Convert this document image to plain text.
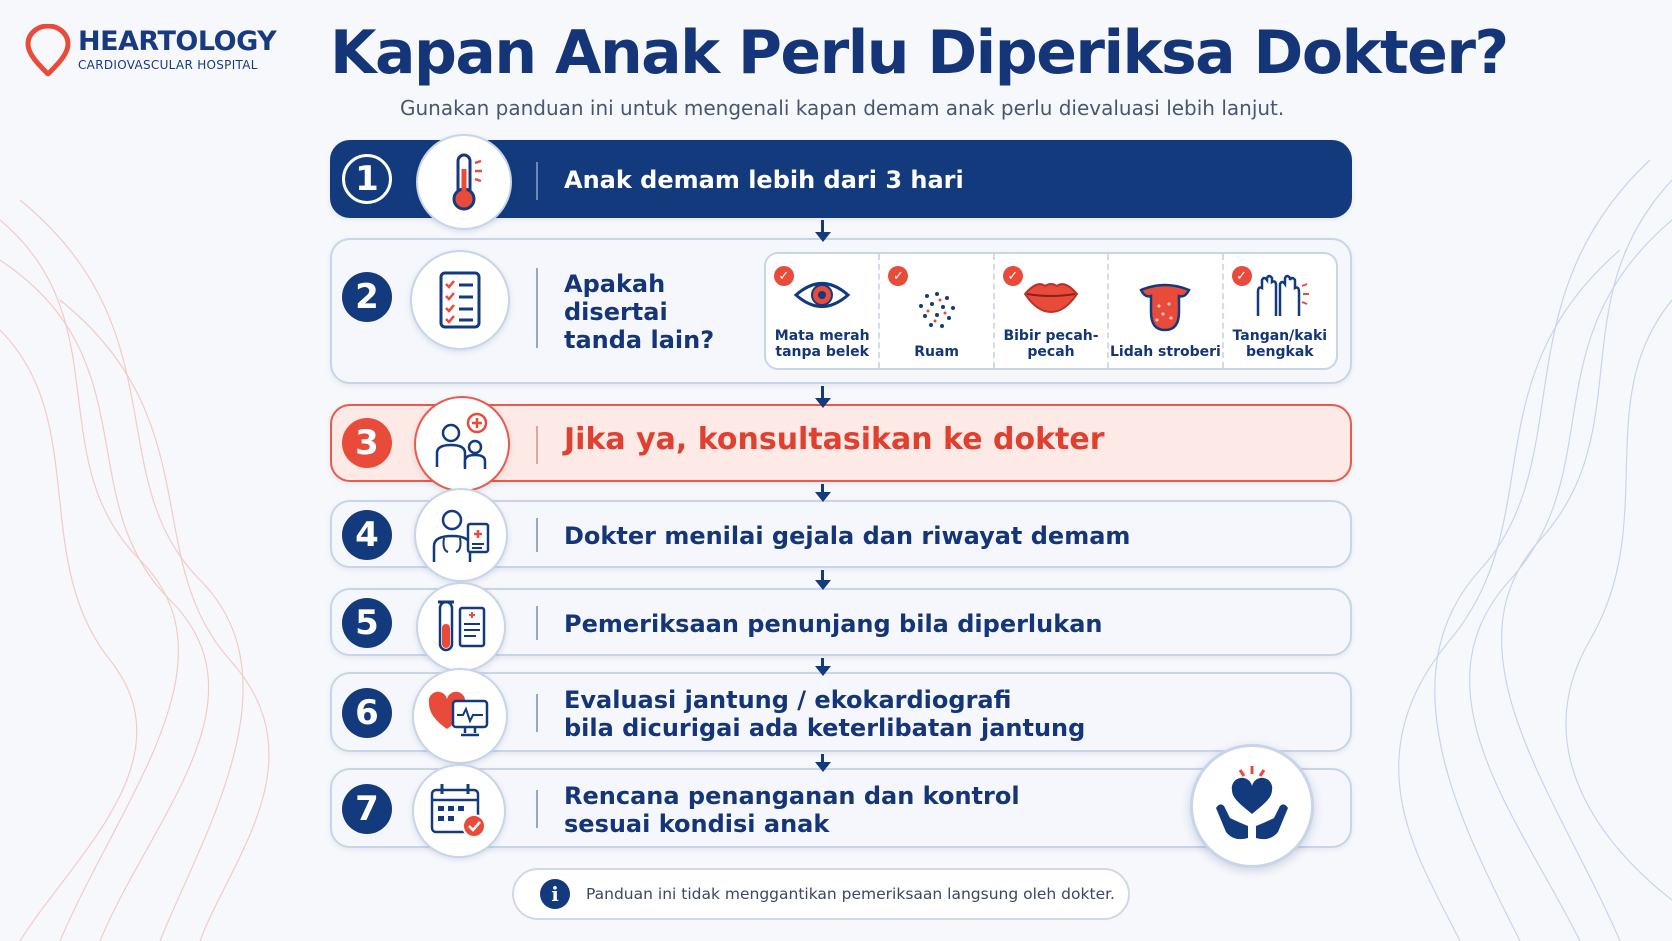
HEARTOLOGY
CARDIOVASCULAR HOSPITAL	Kapan Anak Perlu Diperiksa Dokter?
Gunakan panduan ini untuk mengenali kapan demam anak perlu dievaluasi lebih lanjut.
1	Anak demam lebih dari 3 hari
2	Apakah disertai tanda lain?
✓
Mata merah tanpa belek
✓
Ruam
✓
Bibir pecah-pecah	Lidah stroberi
✓
Tangan/kaki bengkak
3	Jika ya, konsultasikan ke dokter
4	Dokter menilai gejala dan riwayat demam
5	Pemeriksaan penunjang bila diperlukan
6	Evaluasi jantung / ekokardiografi
bila dicurigai ada keterlibatan jantung
7	Rencana penanganan dan kontrol
sesuai kondisi anak
i	Panduan ini tidak menggantikan pemeriksaan langsung oleh dokter.
